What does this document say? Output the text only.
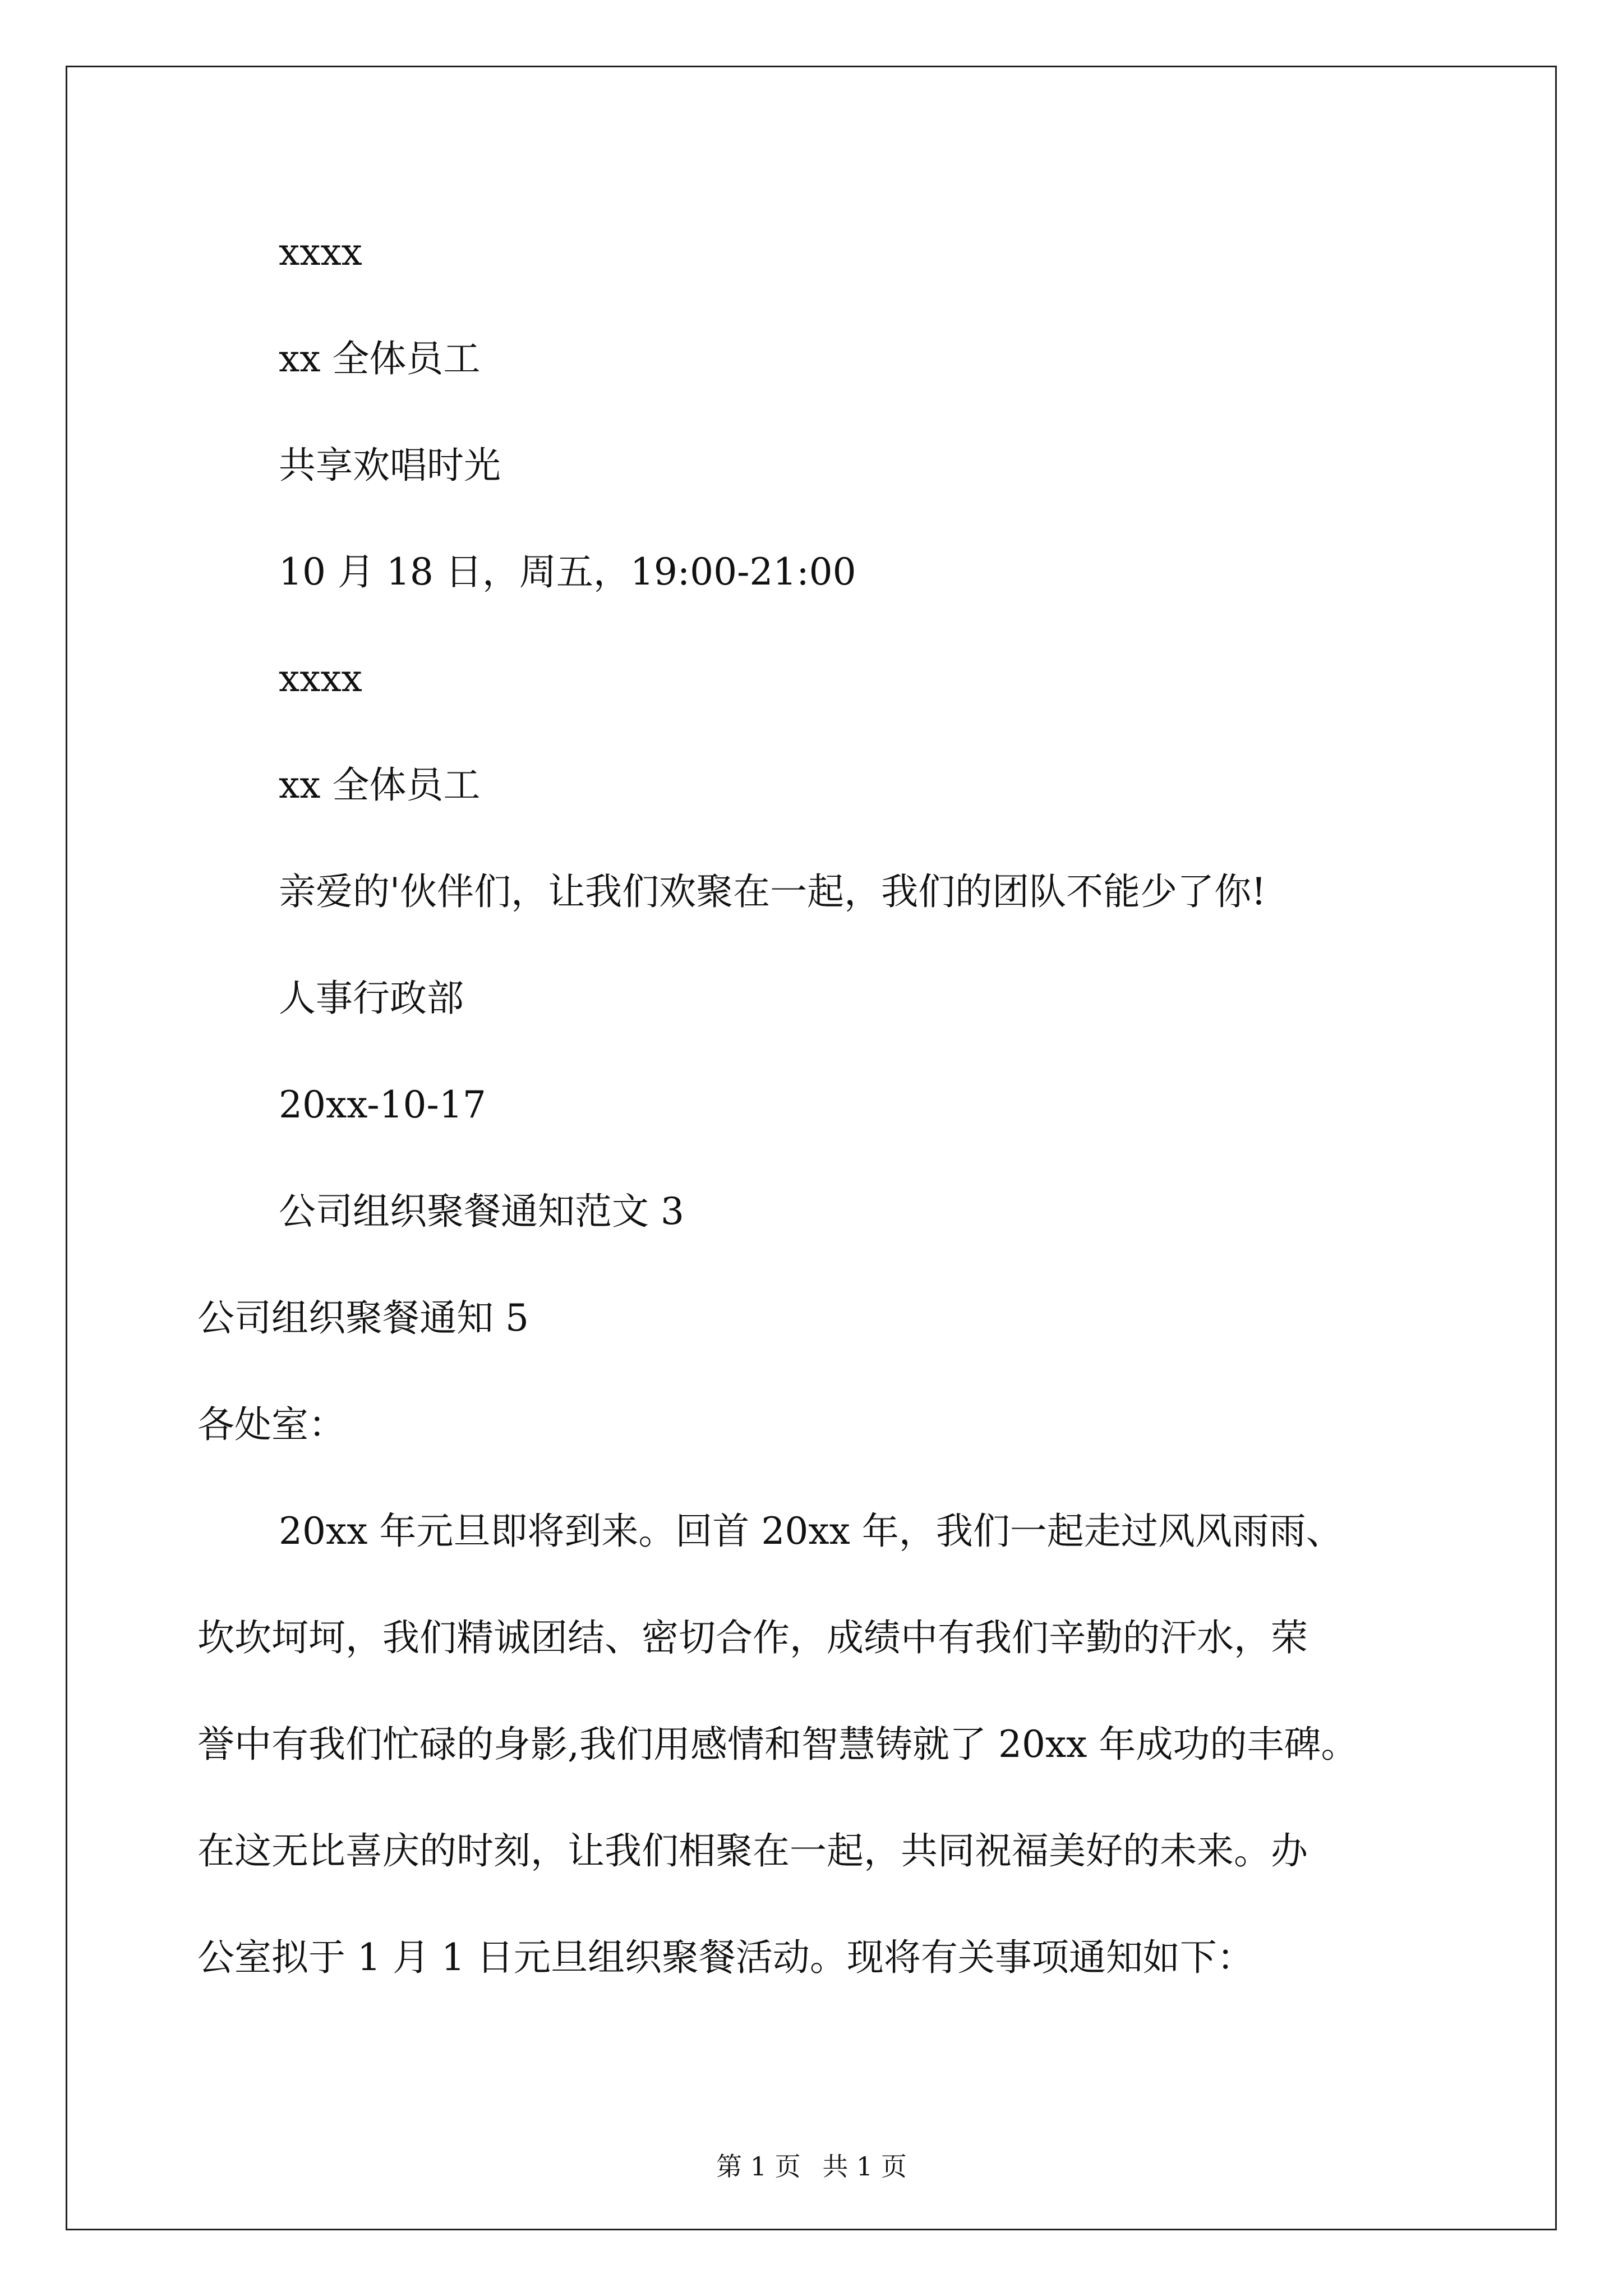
xxxx
xx 全体员工
共享欢唱时光
10 月 18 日，周五，19:00-21:00
xxxx
xx 全体员工
亲爱的'伙伴们，让我们欢聚在一起，我们的团队不能少了你!
人事行政部
20xx-10-17
公司组织聚餐通知范文 3
公司组织聚餐通知 5
各处室：
20xx 年元旦即将到来。回首 20xx 年，我们一起走过风风雨雨、
坎坎坷坷，我们精诚团结、密切合作，成绩中有我们辛勤的汗水，荣
誉中有我们忙碌的身影,我们用感情和智慧铸就了 20xx 年成功的丰碑。
在这无比喜庆的时刻，让我们相聚在一起，共同祝福美好的未来。办
公室拟于 1 月 1 日元旦组织聚餐活动。现将有关事项通知如下：
第 1 页 共 1 页
